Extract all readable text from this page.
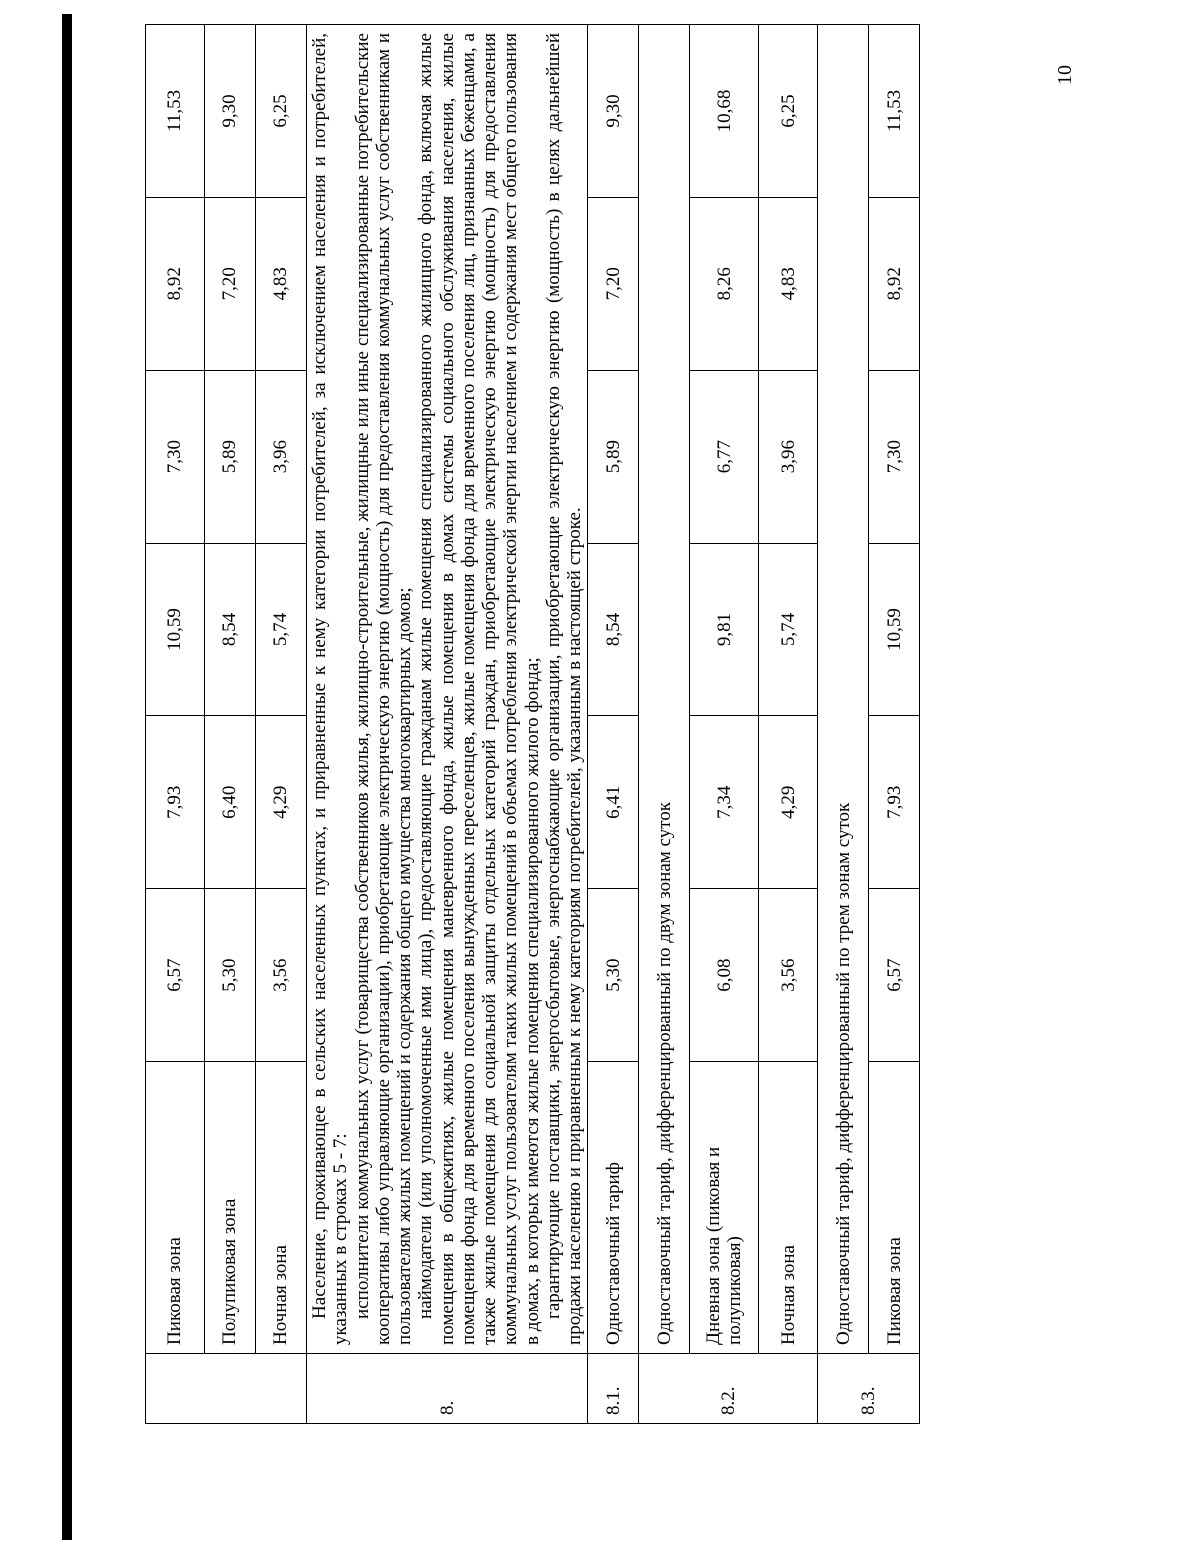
10
	Пиковая зона	6,57	7,93	10,59	7,30	8,92	11,53
	Полупиковая зона	5,30	6,40	8,54	5,89	7,20	9,30
	Ночная зона	3,56	4,29	5,74	3,96	4,83	6,25
8.	Население, проживающее в сельских населенных пунктах, и приравненные к нему категории потребителей, за исключением населения и потребителей, указанных в строках 5 - 7: исполнители коммунальных услуг (товарищества собственников жилья, жилищно-строительные, жилищные или иные специализированные потребительские кооперативы либо управляющие организации), приобретающие электрическую энергию (мощность) для предоставления коммунальных услуг собственникам и пользователям жилых помещений и содержания общего имущества многоквартирных домов; наймодатели (или уполномоченные ими лица), предоставляющие гражданам жилые помещения специализированного жилищного фонда, включая жилые помещения в общежитиях, жилые помещения маневренного фонда, жилые помещения в домах системы социального обслуживания населения, жилые помещения фонда для временного поселения вынужденных переселенцев, жилые помещения фонда для временного поселения лиц, признанных беженцами, а также жилые помещения для социальной защиты отдельных категорий граждан, приобретающие электрическую энергию (мощность) для предоставления коммунальных услуг пользователям таких жилых помещений в объемах потребления электрической энергии населением и содержания мест общего пользования в домах, в которых имеются жилые помещения специализированного жилого фонда; гарантирующие поставщики, энергосбытовые, энергоснабжающие организации, приобретающие электрическую энергию (мощность) в целях дальнейшей продажи населению и приравненным к нему категориям потребителей, указанным в настоящей строке.						

8.1.	Одноставочный тариф	5,30	6,41	8,54	5,89	7,20	9,30
8.2.	Одноставочный тариф, дифференцированный по двум зонам суток						
	Дневная зона (пиковая и полупиковая)	6,08	7,34	9,81	6,77	8,26	10,68
	Ночная зона	3,56	4,29	5,74	3,96	4,83	6,25
8.3.	Одноставочный тариф, дифференцированный по трем зонам суток						
	Пиковая зона	6,57	7,93	10,59	7,30	8,92	11,53
